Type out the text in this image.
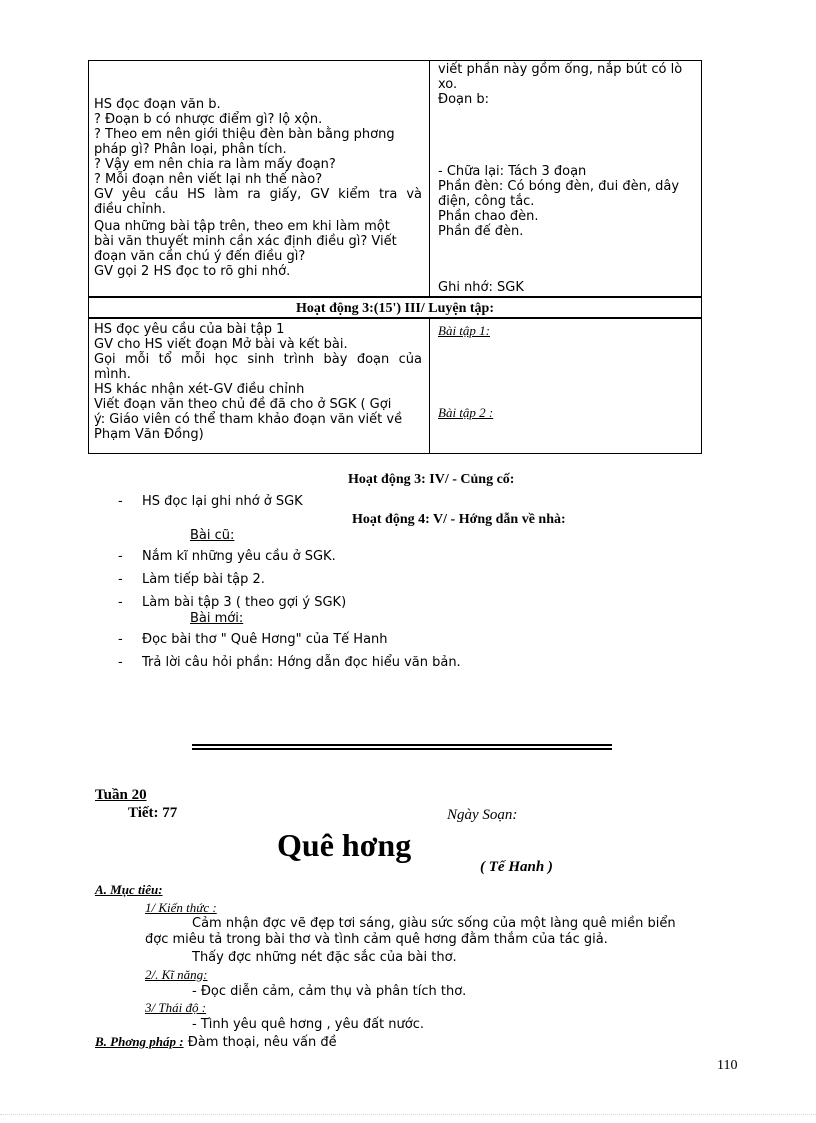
HS đọc đoạn văn b.
? Đoạn b có nhược điểm gì? lộ xộn.
? Theo em nên giới thiệu đèn bàn bằng phơng
pháp gì? Phân loại, phân tích.
? Vậy em nên chia ra làm mấy đoạn?
? Mỗi đoạn nên viết lại nh thế nào?
GV yêu cầu HS làm ra giấy, GV kiểm tra và
điều chỉnh.
Qua những bài tập trên, theo em khi làm một
bài văn thuyết minh cần xác định điều gì? Viết
đoạn văn cần chú ý đến điều gì?
GV gọi 2 HS đọc to rõ ghi nhớ.
viết phần này gồm ống, nắp bút có lò
xo.
Đoạn b:
- Chữa lại: Tách 3 đoạn
Phần đèn: Có bóng đèn, đui đèn, dây
điện, công tắc.
Phần chao đèn.
Phần đế đèn.
Ghi nhớ: SGK
Hoạt động 3:(15') III/ Luyện tập:
HS đọc yêu cầu của bài tập 1
GV cho HS viết đoạn Mở bài và kết bài.
Gọi mỗi tổ mỗi học sinh trình bày đoạn của
mình.
HS khác nhận xét-GV điều chỉnh
Viết đoạn văn theo chủ đề đã cho ở SGK ( Gợi
ý: Giáo viên có thể tham khảo đoạn văn viết về
Phạm Văn Đồng)
Bài tập 1:
Bài tập 2 :
Hoạt động 3: IV/ - Củng cố:
- HS đọc lại ghi nhớ ở SGK
Hoạt động 4: V/ - Hớng dẫn về nhà:
Bài cũ:
- Nắm kĩ những yêu cầu ở SGK.
- Làm tiếp bài tập 2.
- Làm bài tập 3 ( theo gợi ý SGK)
Bài mới:
- Đọc bài thơ " Quê Hơng" của Tế Hanh
- Trả lời câu hỏi phần: Hớng dẫn đọc hiểu văn bản.
Tuần 20
Tiết: 77	Ngày Soạn:
Quê hơng
( Tế Hanh )
A. Mục tiêu:
1/ Kiến thức :
Cảm nhận đợc vẽ đẹp tơi sáng, giàu sức sống của một làng quê miền biển
đợc miêu tả trong bài thơ và tình cảm quê hơng đằm thắm của tác giả.
Thấy đợc những nét đặc sắc của bài thơ.
2/. Kĩ năng:
- Đọc diễn cảm, cảm thụ và phân tích thơ.
3/ Thái độ :
- Tình yêu quê hơng , yêu đất nước.
B. Phơng pháp : Đàm thoại, nêu vấn đề
110
